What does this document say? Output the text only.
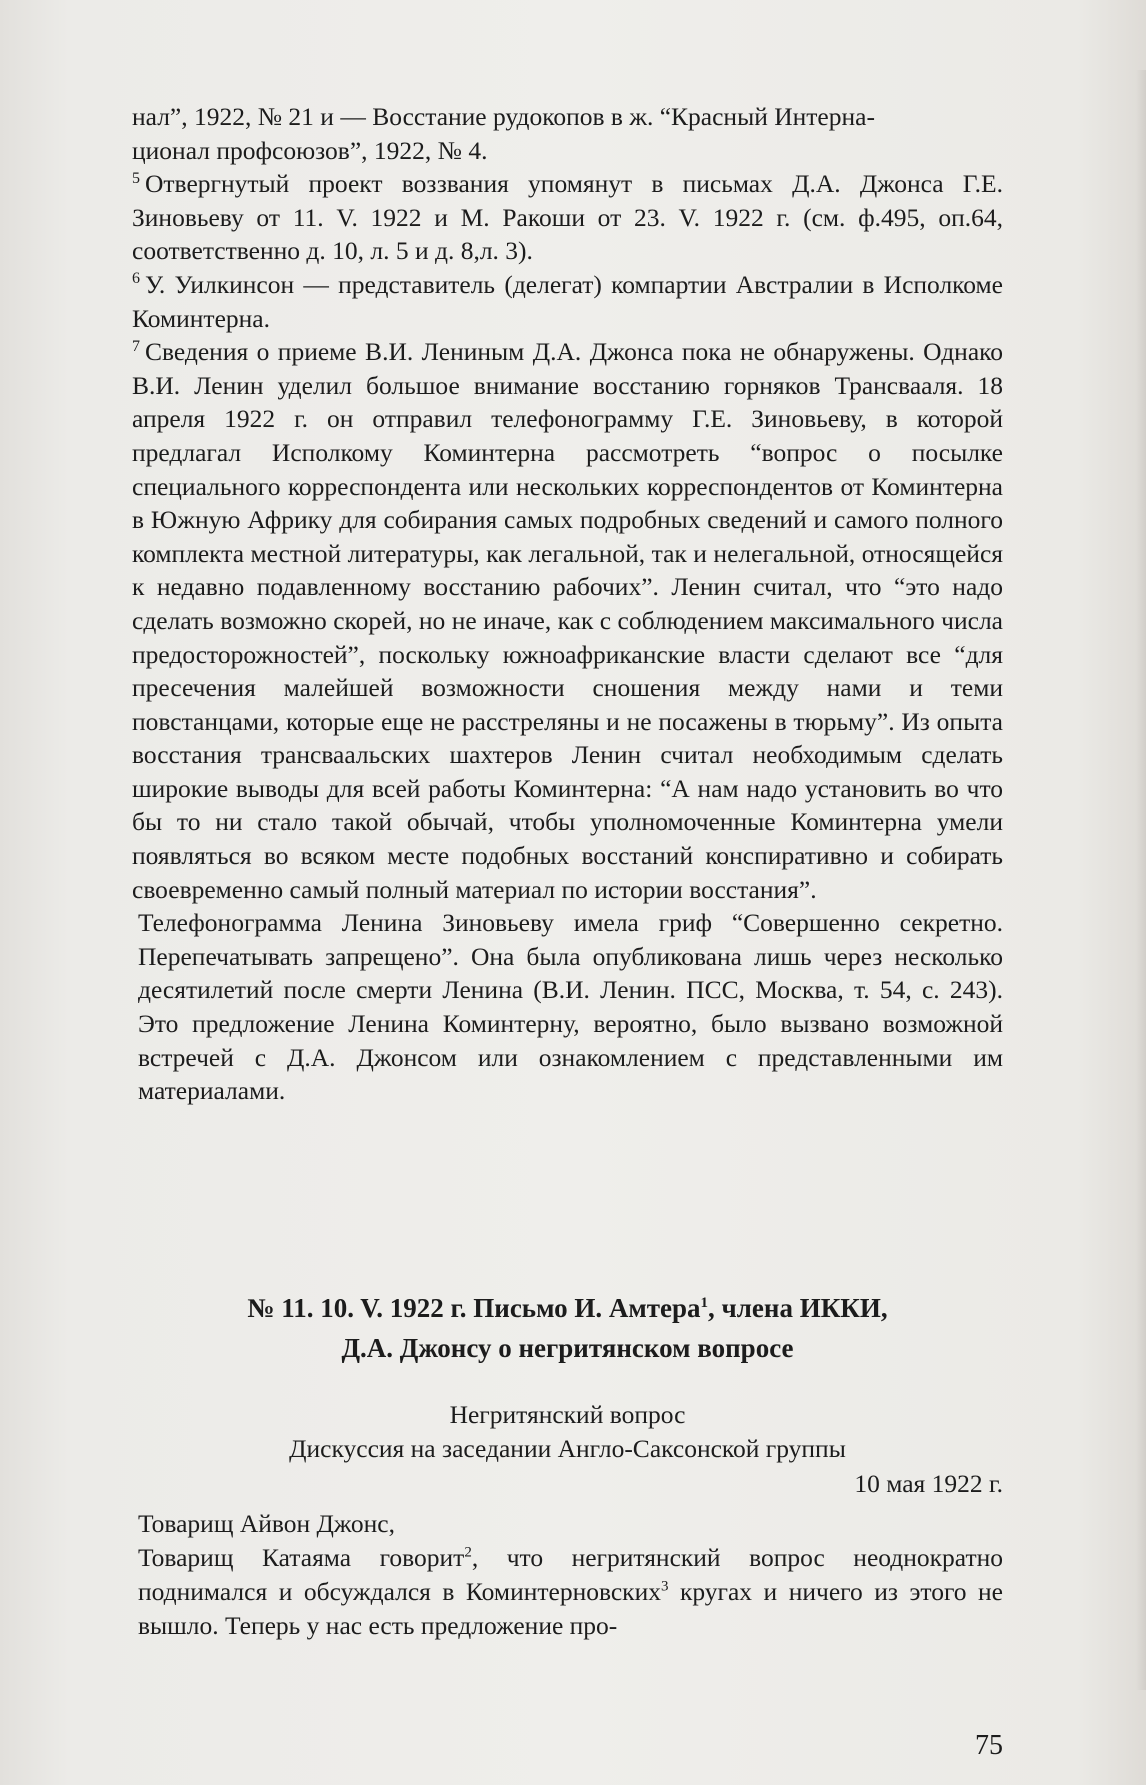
нал”, 1922, № 21 и — Восстание рудокопов в ж. “Красный Интерна-

ционал профсоюзов”, 1922, № 4.

$^5$ Отвергнутый проект воззвания упомянут в письмах Д.А. Джонса Г.Е. Зиновьеву от 11. V. 1922 и М. Ракоши от 23. V. 1922 г. (см. ф.495, оп.64, соответственно д. 10, л. 5 и д. 8,л. 3).

$^6$ У. Уилкинсон — представитель (делегат) компартии Австралии в Исполкоме Коминтерна.

$^7$ Сведения о приеме В.И. Лениным Д.А. Джонса пока не обнаружены. Однако В.И. Ленин уделил большое внимание восстанию горняков Трансвааля. 18 апреля 1922 г. он отправил телефонограмму Г.Е. Зиновьеву, в которой предлагал Исполкому Коминтерна рассмотреть “вопрос о посылке специального корреспондента или нескольких корреспондентов от Коминтерна в Южную Африку для собирания самых подробных сведений и самого полного комплекта местной литературы, как легальной, так и нелегальной, относящейся к недавно подавленному восстанию рабочих”. Ленин считал, что “это надо сделать возможно скорей, но не иначе, как с соблюдением максимального числа предосторожностей”, поскольку южноафриканские власти сделают все “для пресечения малейшей возможности сношения между нами и теми повстанцами, которые еще не расстреляны и не посажены в тюрьму”. Из опыта восстания трансваальских шахтеров Ленин считал необходимым сделать широкие выводы для всей работы Коминтерна: “А нам надо установить во что бы то ни стало такой обычай, чтобы уполномоченные Коминтерна умели появляться во всяком месте подобных восстаний конспиративно и собирать своевременно самый полный материал по истории восстания”.

Телефонограмма Ленина Зиновьеву имела гриф “Совершенно секретно. Перепечатывать запрещено”. Она была опубликована лишь через несколько десятилетий после смерти Ленина (В.И. Ленин. ПСС, Москва, т. 54, с. 243). Это предложение Ленина Коминтерну, вероятно, было вызвано возможной встречей с Д.А. Джонсом или ознакомлением с представленными им материалами.

№ 11. 10. V. 1922 г. Письмо И. Амтера$^1$, члена ИККИ,
Д.А. Джонсу о негритянском вопросе
Негритянский вопрос
Дискуссия на заседании Англо-Саксонской группы
10 мая 1922 г.

Товарищ Айвон Джонс,

Товарищ Катаяма говорит$^2$, что негритянский вопрос неоднократно поднимался и обсуждался в Коминтерновских$^3$ кругах и ничего из этого не вышло. Теперь у нас есть предложение про-

75
